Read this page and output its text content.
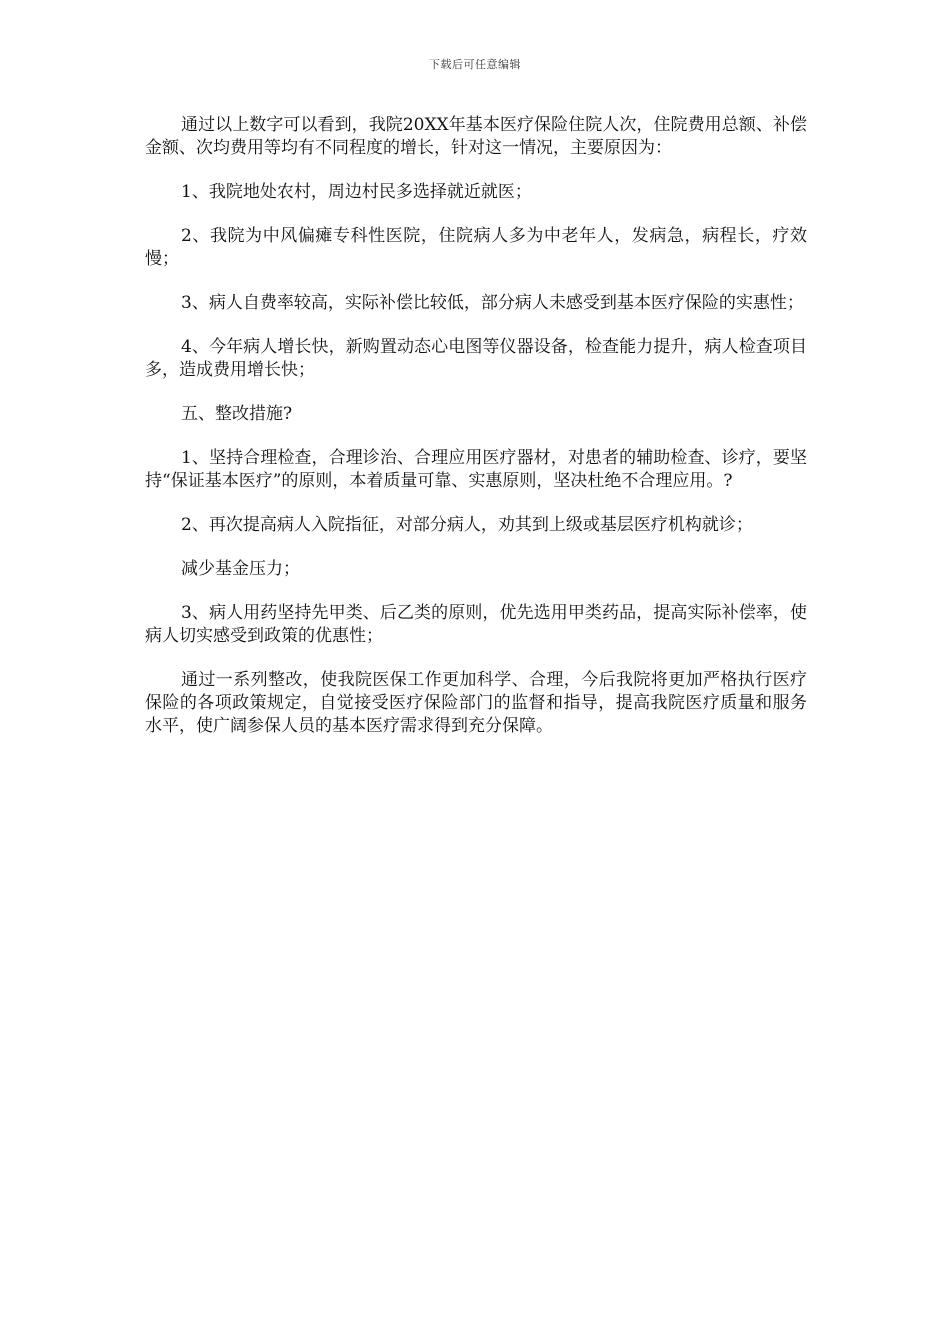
下载后可任意编辑

通过以上数字可以看到，我院20XX年基本医疗保险住院人次，住院费用总额、补偿金额、次均费用等均有不同程度的增长，针对这一情况，主要原因为：

1、我院地处农村，周边村民多选择就近就医；

2、我院为中风偏瘫专科性医院，住院病人多为中老年人，发病急，病程长，疗效慢；

3、病人自费率较高，实际补偿比较低，部分病人未感受到基本医疗保险的实惠性；

4、今年病人增长快，新购置动态心电图等仪器设备，检查能力提升，病人检查项目多，造成费用增长快；

五、整改措施?

1、坚持合理检查，合理诊治、合理应用医疗器材，对患者的辅助检查、诊疗，要坚持“保证基本医疗”的原则，本着质量可靠、实惠原则，坚决杜绝不合理应用。?

2、再次提高病人入院指征，对部分病人，劝其到上级或基层医疗机构就诊；

减少基金压力；

3、病人用药坚持先甲类、后乙类的原则，优先选用甲类药品，提高实际补偿率，使病人切实感受到政策的优惠性；

通过一系列整改，使我院医保工作更加科学、合理，今后我院将更加严格执行医疗保险的各项政策规定，自觉接受医疗保险部门的监督和指导，提高我院医疗质量和服务水平，使广阔参保人员的基本医疗需求得到充分保障。
